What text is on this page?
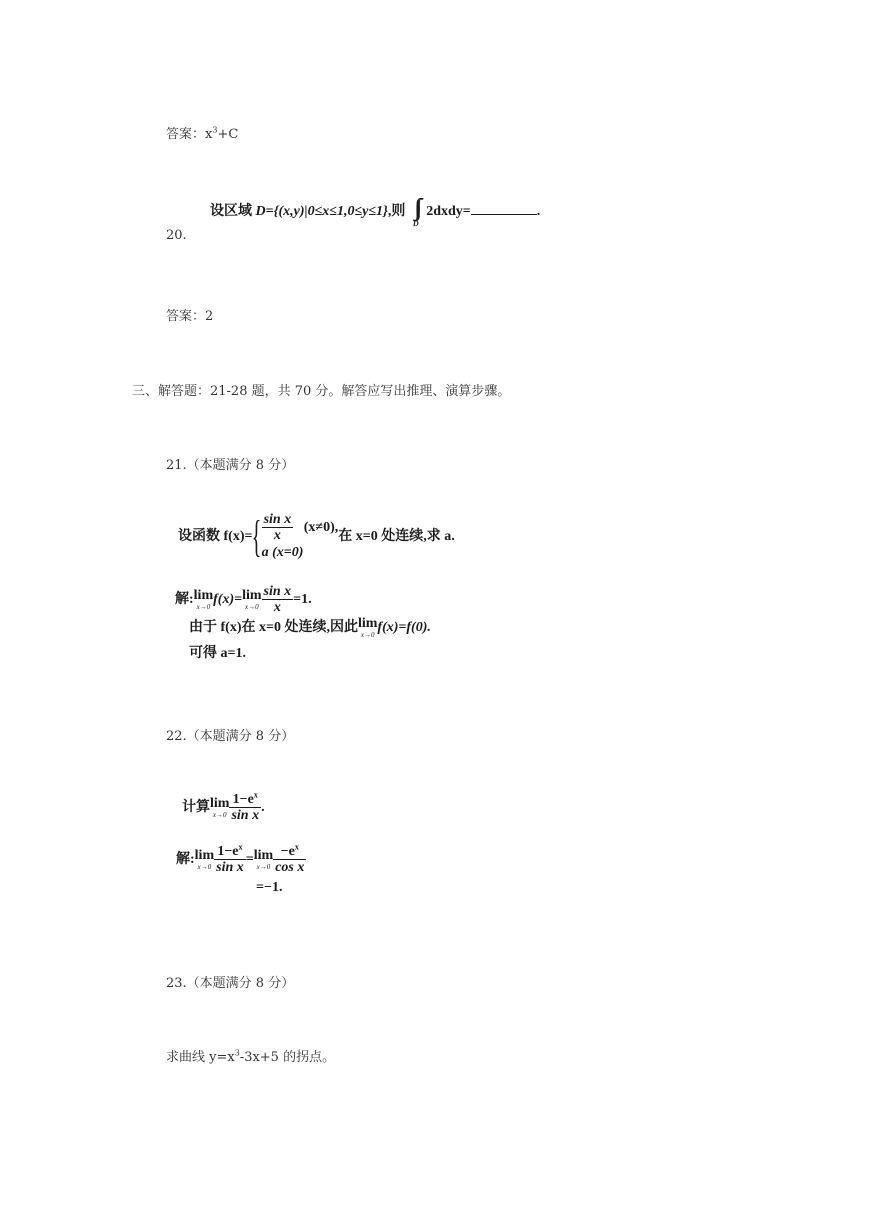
答案：$x^3+C$
设区域 D={(x,y)|0≤x≤1,0≤y≤1},则
D
2dxdy=	.
20.
答案：2
三、解答题：21-28 题，共 70 分。解答应写出推理、演算步骤。
21.（本题满分 8 分）
设函数 $f(x)=\{ \frac{\text{sin x}}{x} (x\ne 0)$,
a (x=0)
在 x=0 处连续,求 a.
解: lim
x→0 f(x)= lim
$x\to 0 \frac{\text{sin x}}{x} =1$.
由于 f(x)在 x=0 处连续,因此 lim
x→0 f(x)=f(0).
可得 a=1.
22.（本题满分 8 分）
计算 lim
$x\to 0 \frac{1-e^x}{\text{sin x}}$ .
解: lim
$x\to 0 \frac{1-e^x}{\text{sin x}} = \lim$
$x\to 0 \frac{-e^x}{\text{cos x}}$
=−1.
23.（本题满分 8 分）
求曲线 $y=x^3-3x+5$ 的拐点。
